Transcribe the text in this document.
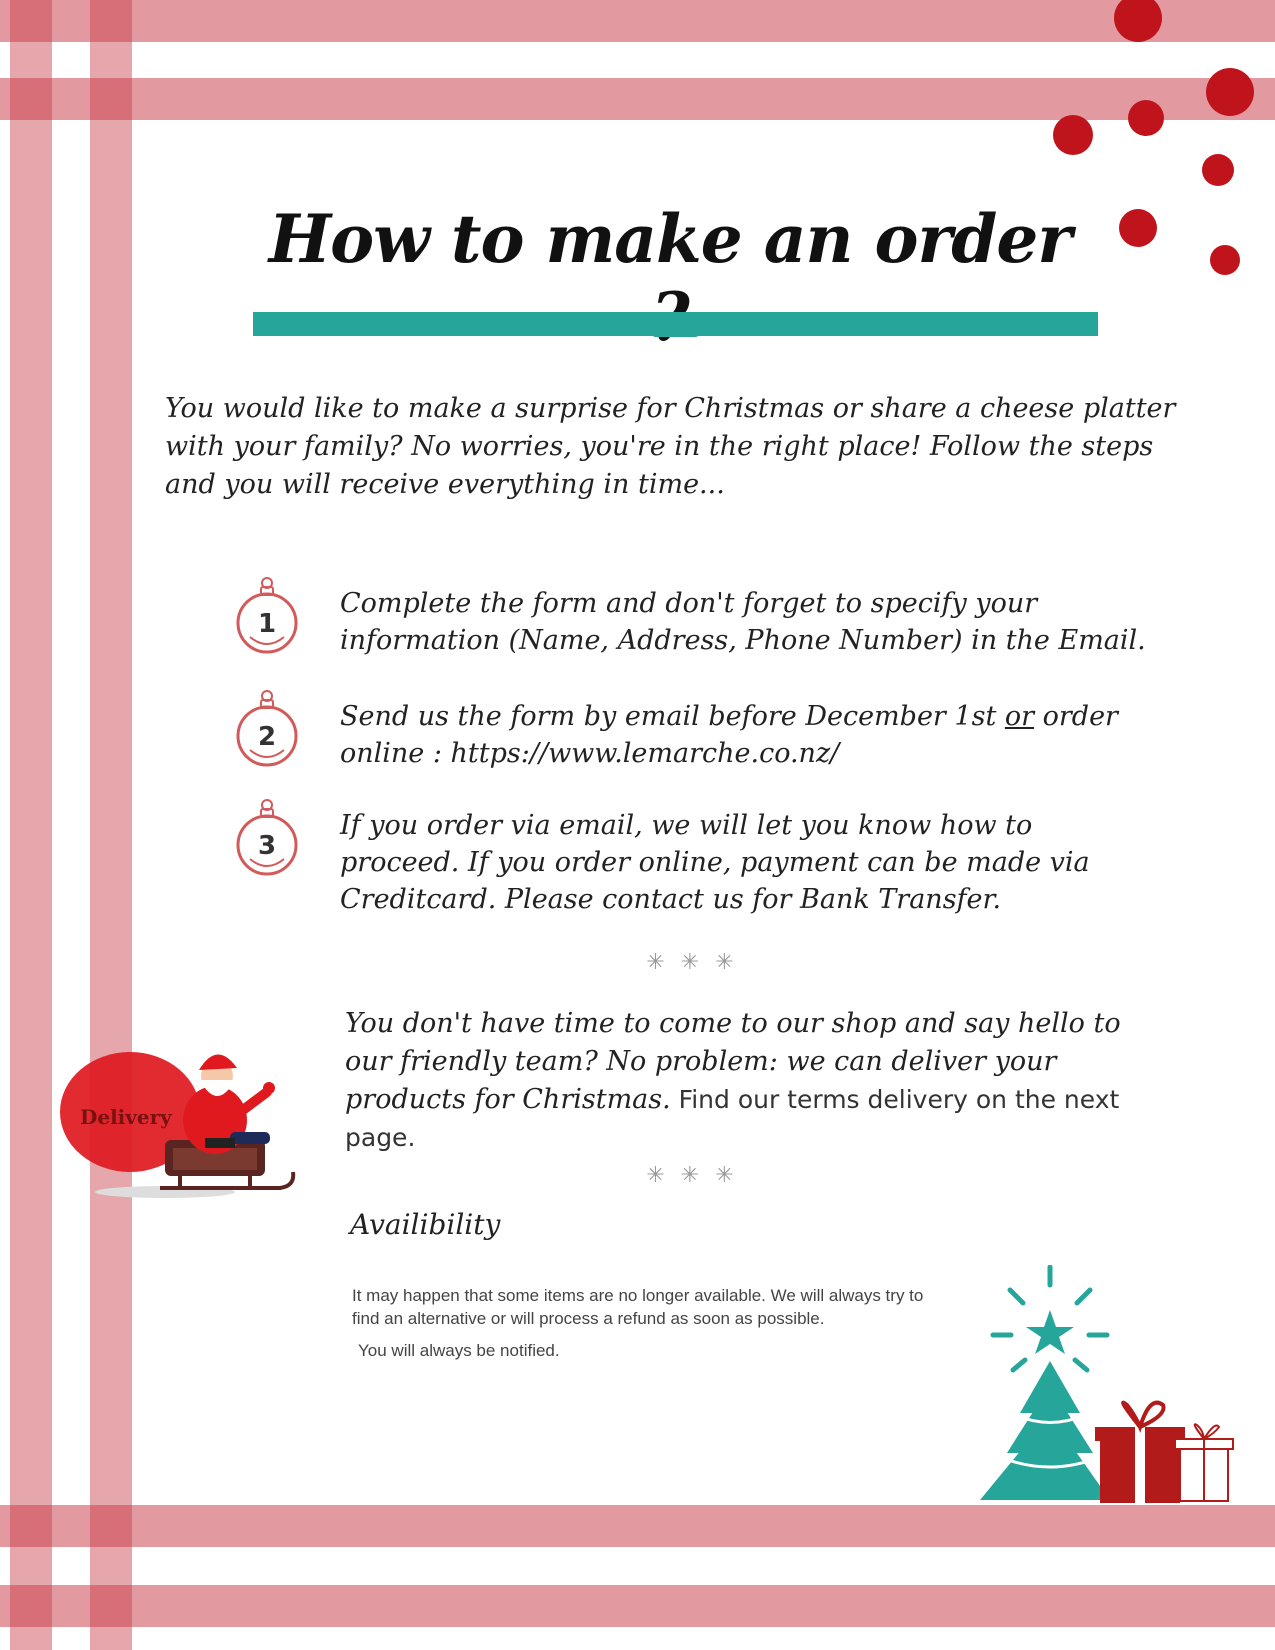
How to make an order
You would like to make a surprise for Christmas or share a cheese platter with your family? No worries, you're in the right place! Follow the steps and you will receive everything in time...
1
Complete the form and don't forget to specify your information (Name, Address, Phone Number) in the Email.
2
Send us the form by email before December 1st or order online : https://www.lemarche.co.nz/
3
If you order via email, we will let you know how to proceed. If you order online, payment can be made via Creditcard. Please contact us for Bank Transfer.
✳✳✳
Delivery
You don't have time to come to our shop and say hello to our friendly team? No problem: we can deliver your products for Christmas. Find our terms delivery on the next page.
✳✳✳
Availibility
It may happen that some items are no longer available. We will always try to find an alternative or will process a refund as soon as possible.
You will always be notified.
